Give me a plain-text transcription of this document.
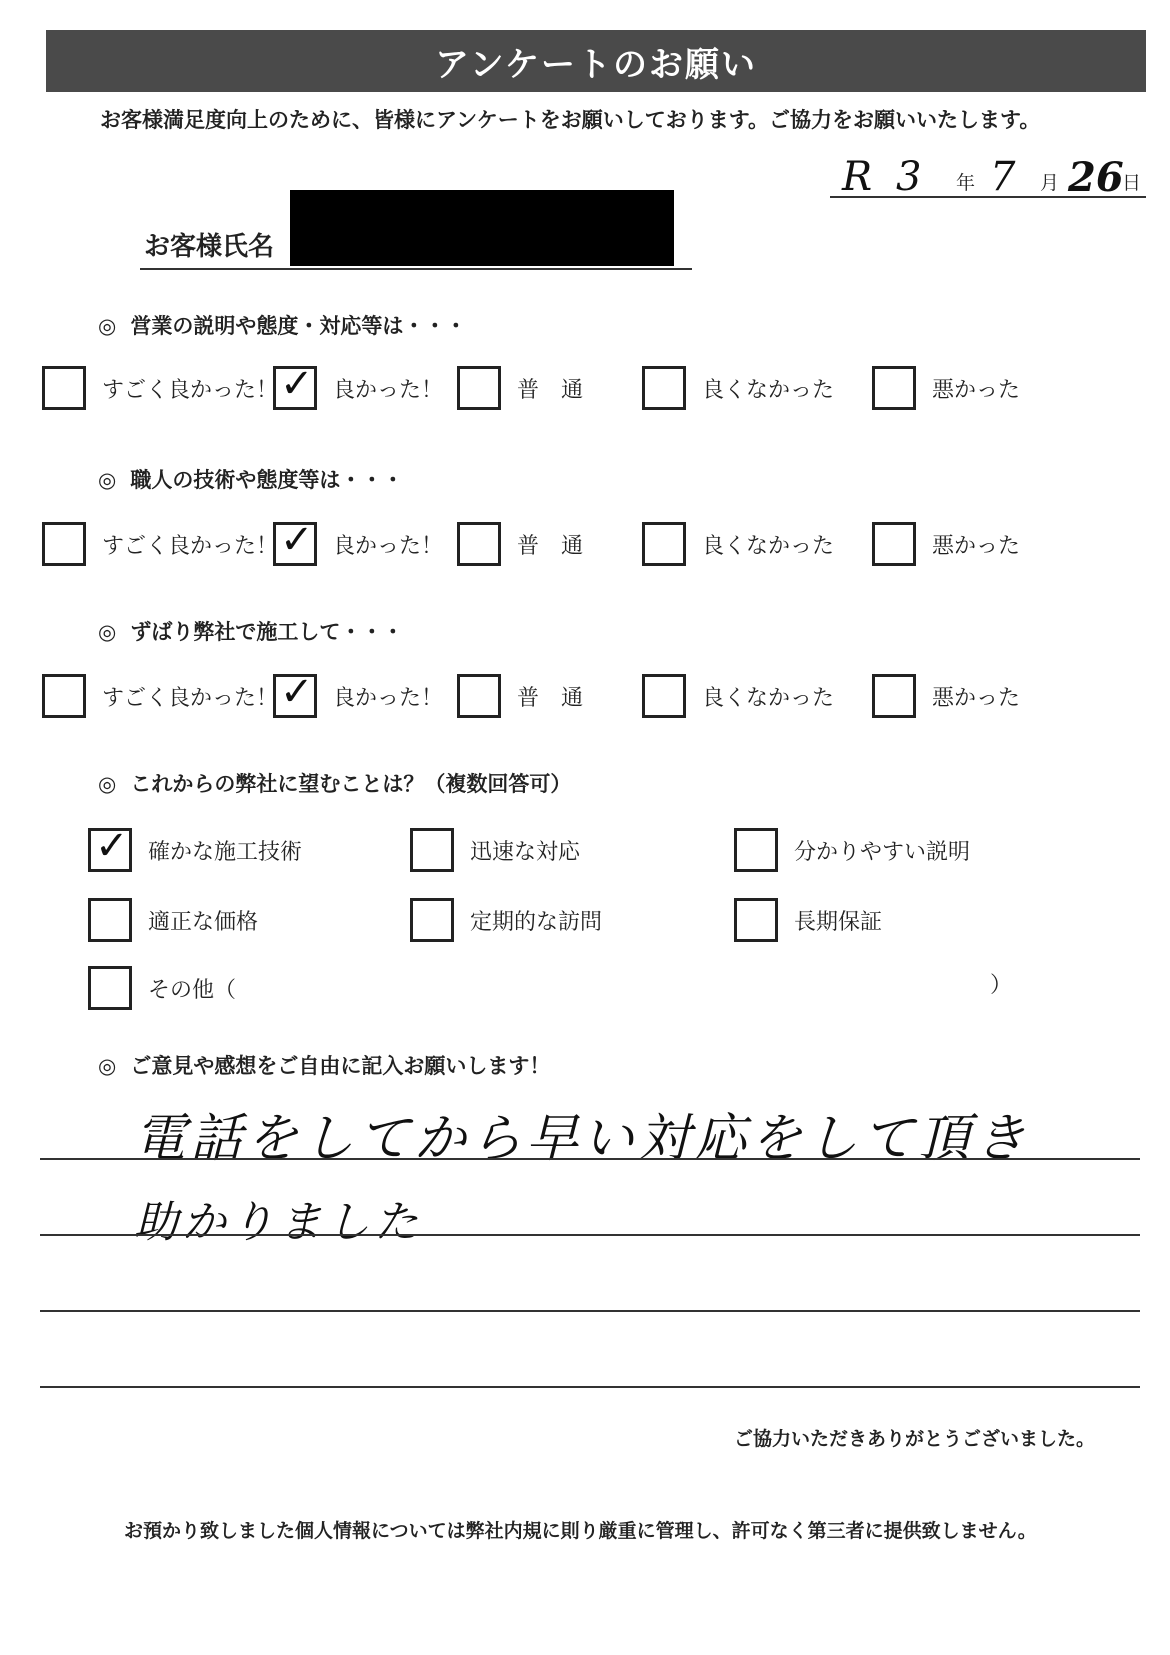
アンケートのお願い
お客様満足度向上のために、皆様にアンケートをお願いしております。ご協力をお願いいたします。
R 3 年 7 月 26
日
お客様氏名
◎ 営業の説明や態度・対応等は・・・
すごく良かった！ ✓ 良かった！	普　通	良くなかった	悪かった
◎ 職人の技術や態度等は・・・
すごく良かった！ ✓ 良かった！	普　通	良くなかった	悪かった
◎ ずばり弊社で施工して・・・
すごく良かった！ ✓ 良かった！	普　通	良くなかった	悪かった
◎ これからの弊社に望むことは？（複数回答可）
✓
確かな施工技術	迅速な対応	分かりやすい説明
適正な価格	定期的な訪問	長期保証
その他（	）
◎ ご意見や感想をご自由に記入お願いします！
電話をしてから早い対応をして頂き
助かりました
ご協力いただきありがとうございました。
お預かり致しました個人情報については弊社内規に則り厳重に管理し、許可なく第三者に提供致しません。
